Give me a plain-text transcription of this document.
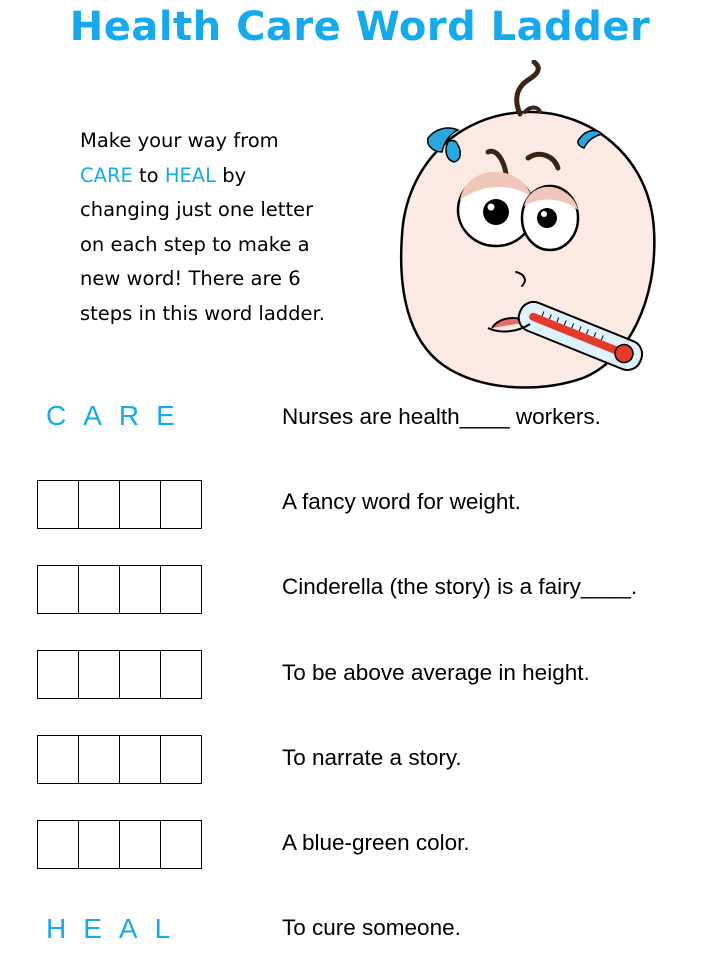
Health Care Word Ladder
Make your way from
CARE to HEAL by
changing just one letter
on each step to make a
new word! There are 6
steps in this word ladder.
CARE
HEAL
Nurses are health____ workers.
A fancy word for weight.
Cinderella (the story) is a fairy____.
To be above average in height.
To narrate a story.
A blue-green color.
To cure someone.
